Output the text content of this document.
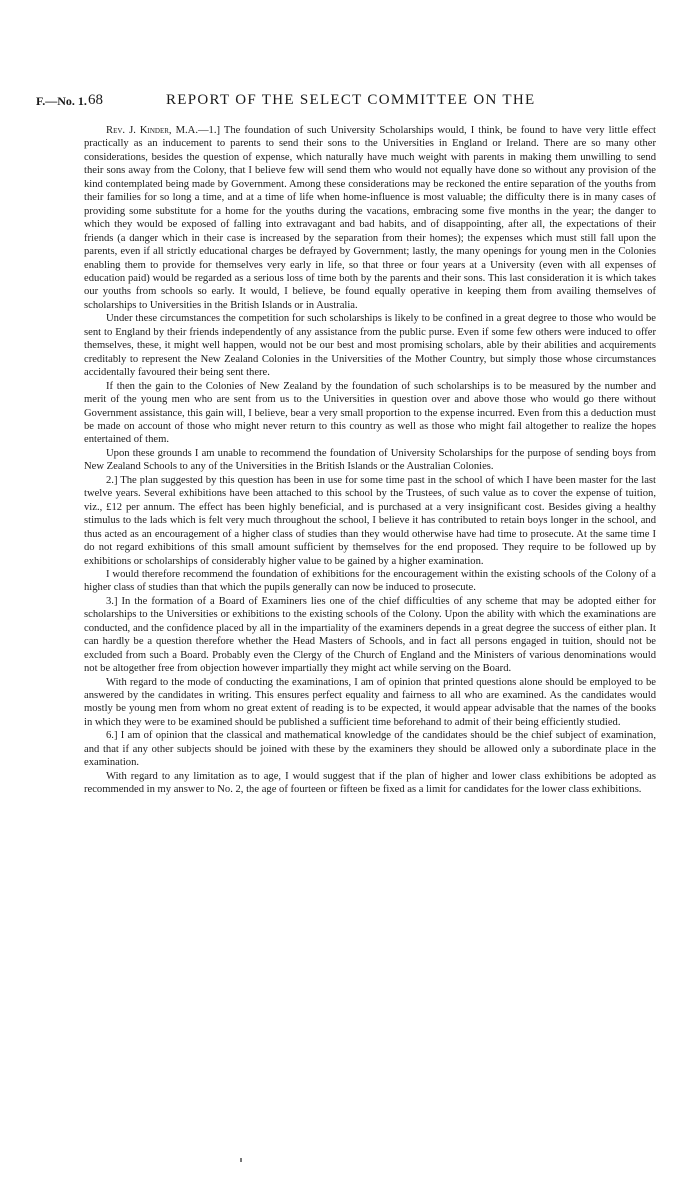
F.—No. 1. 68	REPORT OF THE SELECT COMMITTEE ON THE

Rev. J. Kinder, M.A.—1.] The foundation of such University Scholarships would, I think, be found to have very little effect practically as an inducement to parents to send their sons to the Universities in England or Ireland. There are so many other considerations, besides the question of expense, which naturally have much weight with parents in making them unwilling to send their sons away from the Colony, that I believe few will send them who would not equally have done so without any provision of the kind contemplated being made by Government. Among these considerations may be reckoned the entire separation of the youths from their families for so long a time, and at a time of life when home-influence is most valuable; the difficulty there is in many cases of providing some substitute for a home for the youths during the vacations, embracing some five months in the year; the danger to which they would be exposed of falling into extravagant and bad habits, and of disappointing, after all, the expectations of their friends (a danger which in their case is increased by the separation from their homes); the expenses which must still fall upon the parents, even if all strictly educational charges be defrayed by Government; lastly, the many openings for young men in the Colonies enabling them to provide for themselves very early in life, so that three or four years at a University (even with all expenses of education paid) would be regarded as a serious loss of time both by the parents and their sons. This last consideration it is which takes our youths from schools so early. It would, I believe, be found equally operative in keeping them from availing themselves of scholarships to Universities in the British Islands or in Australia.

Under these circumstances the competition for such scholarships is likely to be confined in a great degree to those who would be sent to England by their friends independently of any assistance from the public purse. Even if some few others were induced to offer themselves, these, it might well happen, would not be our best and most promising scholars, able by their abilities and acquirements creditably to represent the New Zealand Colonies in the Universities of the Mother Country, but simply those whose circumstances accidentally favoured their being sent there.

If then the gain to the Colonies of New Zealand by the foundation of such scholarships is to be measured by the number and merit of the young men who are sent from us to the Universities in question over and above those who would go there without Government assistance, this gain will, I believe, bear a very small proportion to the expense incurred. Even from this a deduction must be made on account of those who might never return to this country as well as those who might fail altogether to realize the hopes entertained of them.

Upon these grounds I am unable to recommend the foundation of University Scholarships for the purpose of sending boys from New Zealand Schools to any of the Universities in the British Islands or the Australian Colonies.

2.] The plan suggested by this question has been in use for some time past in the school of which I have been master for the last twelve years. Several exhibitions have been attached to this school by the Trustees, of such value as to cover the expense of tuition, viz., £12 per annum. The effect has been highly beneficial, and is purchased at a very insignificant cost. Besides giving a healthy stimulus to the lads which is felt very much throughout the school, I believe it has contributed to retain boys longer in the school, and thus acted as an encouragement of a higher class of studies than they would otherwise have had time to prosecute. At the same time I do not regard exhibitions of this small amount sufficient by themselves for the end proposed. They require to be followed up by exhibitions or scholarships of considerably higher value to be gained by a higher examination.

I would therefore recommend the foundation of exhibitions for the encouragement within the existing schools of the Colony of a higher class of studies than that which the pupils generally can now be induced to prosecute.

3.] In the formation of a Board of Examiners lies one of the chief difficulties of any scheme that may be adopted either for scholarships to the Universities or exhibitions to the existing schools of the Colony. Upon the ability with which the examinations are conducted, and the confidence placed by all in the impartiality of the examiners depends in a great degree the success of either plan. It can hardly be a question therefore whether the Head Masters of Schools, and in fact all persons engaged in tuition, should not be excluded from such a Board. Probably even the Clergy of the Church of England and the Ministers of various denominations would not be altogether free from objection however impartially they might act while serving on the Board.

With regard to the mode of conducting the examinations, I am of opinion that printed questions alone should be employed to be answered by the candidates in writing. This ensures perfect equality and fairness to all who are examined. As the candidates would mostly be young men from whom no great extent of reading is to be expected, it would appear advisable that the names of the books in which they were to be examined should be published a sufficient time beforehand to admit of their being efficiently studied.

6.] I am of opinion that the classical and mathematical knowledge of the candidates should be the chief subject of examination, and that if any other subjects should be joined with these by the examiners they should be allowed only a subordinate place in the examination.

With regard to any limitation as to age, I would suggest that if the plan of higher and lower class exhibitions be adopted as recommended in my answer to No. 2, the age of fourteen or fifteen be fixed as a limit for candidates for the lower class exhibitions.
